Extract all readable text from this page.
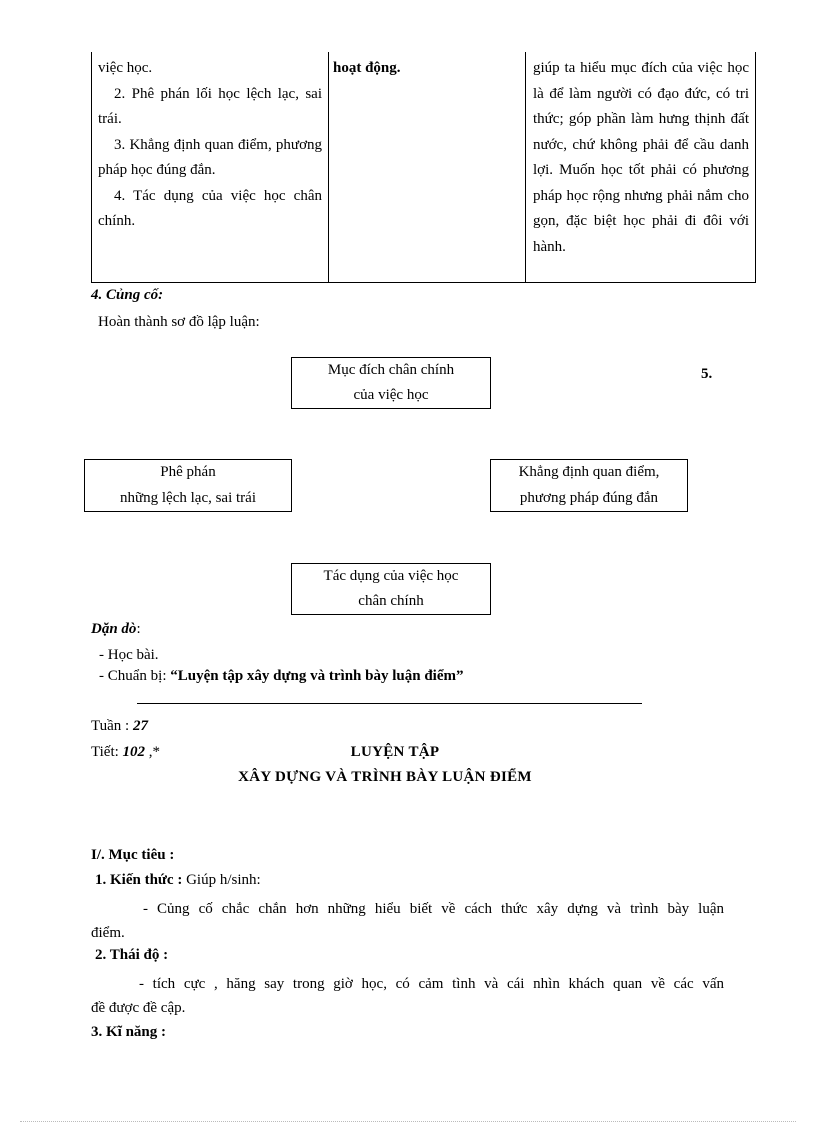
việc học.

2. Phê phán lối học lệch lạc, sai trái.

3. Khẳng định quan điểm, phương pháp học đúng đắn.

4. Tác dụng của việc học chân chính.

hoạt động.	giúp ta hiểu mục đích của việc học là để làm người có đạo đức, có tri thức; góp phần làm hưng thịnh đất nước, chứ không phải để cầu danh lợi. Muốn học tốt phải có phương pháp học rộng nhưng phải nắm cho gọn, đặc biệt học phải đi đôi với hành.
4. Củng cố:
Hoàn thành sơ đồ lập luận:
5.
Mục đích chân chính
của việc học
Phê phán
những lệch lạc, sai trái
Khẳng định quan điểm,
phương pháp đúng đắn
Tác dụng của việc học
chân chính
Dặn dò:
- Học bài.
- Chuẩn bị: “Luyện tập xây dựng và trình bày luận điểm”
Tuần : 27
Tiết: 102 ,*	LUYỆN TẬP
XÂY DỰNG VÀ TRÌNH BÀY LUẬN ĐIỂM
I/. Mục tiêu :
1. Kiến thức : Giúp h/sinh:

- Củng cố chắc chắn hơn những hiểu biết về cách thức xây dựng và trình bày luận

điểm.

2. Thái độ :

- tích cực , hăng say trong giờ học, có cảm tình và cái nhìn khách quan về các vấn

đề được đề cập.

3. Kĩ năng :
